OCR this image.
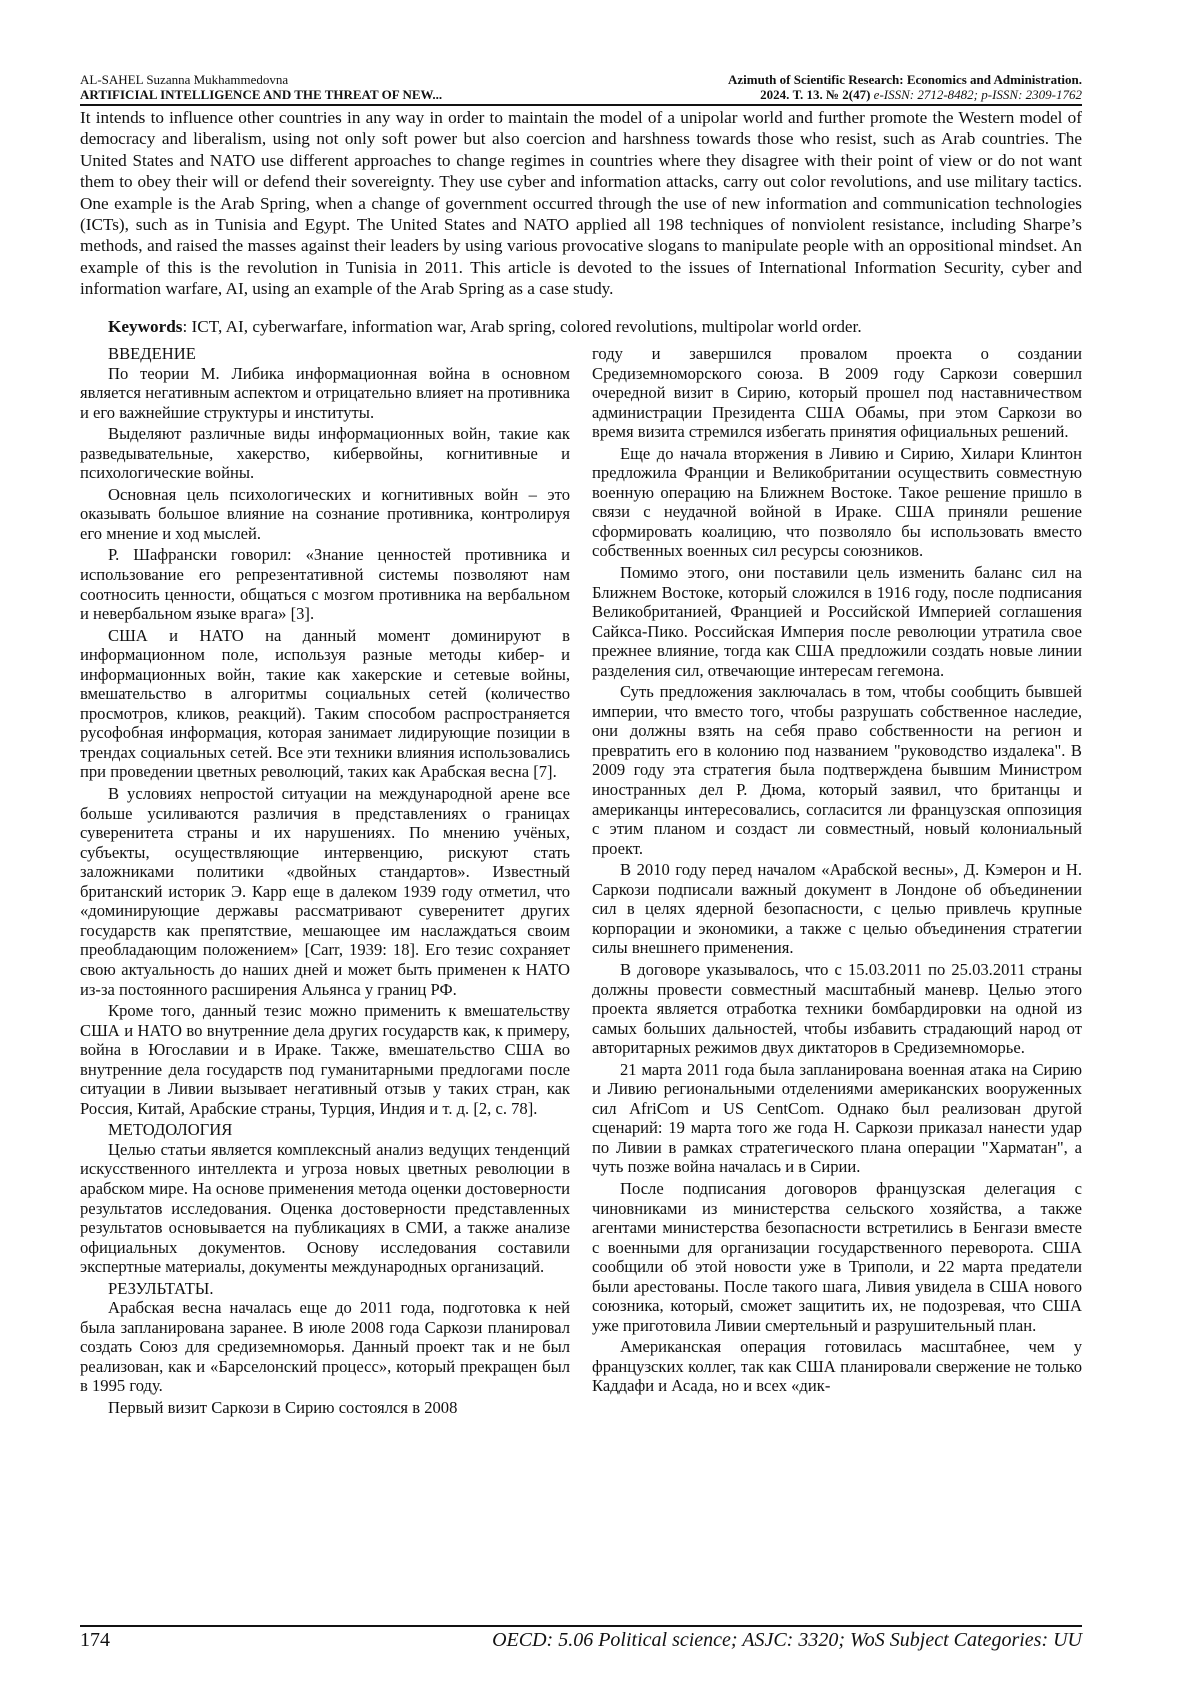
AL-SAHEL Suzanna Mukhammedovna
ARTIFICIAL INTELLIGENCE AND THE THREAT OF NEW...
Azimuth of Scientific Research: Economics and Administration.
2024. Т. 13. № 2(47) e-ISSN: 2712-8482; p-ISSN: 2309-1762

It intends to influence other countries in any way in order to maintain the model of a unipolar world and further promote the Western model of democracy and liberalism, using not only soft power but also coercion and harshness towards those who resist, such as Arab countries. The United States and NATO use different approaches to change regimes in countries where they disagree with their point of view or do not want them to obey their will or defend their sovereignty. They use cyber and information attacks, carry out color revolutions, and use military tactics. One example is the Arab Spring, when a change of government occurred through the use of new information and communication technologies (ICTs), such as in Tunisia and Egypt. The United States and NATO applied all 198 techniques of nonviolent resistance, including Sharpe’s methods, and raised the masses against their leaders by using various provocative slogans to manipulate people with an oppositional mindset. An example of this is the revolution in Tunisia in 2011. This article is devoted to the issues of International Information Security, cyber and information warfare, AI, using an example of the Arab Spring as a case study.

Keywords: ICT, AI, cyberwarfare, information war, Arab spring, colored revolutions, multipolar world order.

ВВЕДЕНИЕ

По теории М. Либика информационная война в основном является негативным аспектом и отрицательно влияет на противника и его важнейшие структуры и институты.

Выделяют различные виды информационных войн, такие как разведывательные, хакерство, кибервойны, когнитивные и психологические войны.

Основная цель психологических и когнитивных войн – это оказывать большое влияние на сознание противника, контролируя его мнение и ход мыслей.

Р. Шафрански говорил: «Знание ценностей противника и использование его репрезентативной системы позволяют нам соотносить ценности, общаться с мозгом противника на вербальном и невербальном языке врага» [3].

США и НАТО на данный момент доминируют в информационном поле, используя разные методы кибер- и информационных войн, такие как хакерские и сетевые войны, вмешательство в алгоритмы социальных сетей (количество просмотров, кликов, реакций). Таким способом распространяется русофобная информация, которая занимает лидирующие позиции в трендах социальных сетей. Все эти техники влияния использовались при проведении цветных революций, таких как Арабская весна [7].

В условиях непростой ситуации на международной арене все больше усиливаются различия в представлениях о границах суверенитета страны и их нарушениях. По мнению учёных, субъекты, осуществляющие интервенцию, рискуют стать заложниками политики «двойных стандартов». Известный британский историк Э. Карр еще в далеком 1939 году отметил, что «доминирующие державы рассматривают суверенитет других государств как препятствие, мешающее им наслаждаться своим преобладающим положением» [Carr, 1939: 18]. Его тезис сохраняет свою актуальность до наших дней и может быть применен к НАТО из-за постоянного расширения Альянса у границ РФ.

Кроме того, данный тезис можно применить к вмешательству США и НАТО во внутренние дела других государств как, к примеру, война в Югославии и в Ираке. Также, вмешательство США во внутренние дела государств под гуманитарными предлогами после ситуации в Ливии вызывает негативный отзыв у таких стран, как Россия, Китай, Арабские страны, Турция, Индия и т. д. [2, с. 78].

МЕТОДОЛОГИЯ

Целью статьи является комплексный анализ ведущих тенденций искусственного интеллекта и угроза новых цветных революции в арабском мире. На основе применения метода оценки достоверности результатов исследования. Оценка достоверности представленных результатов основывается на публикациях в СМИ, а также анализе официальных документов. Основу исследования составили экспертные материалы, документы международных организаций.

РЕЗУЛЬТАТЫ.

Арабская весна началась еще до 2011 года, подготовка к ней была запланирована заранее. В июле 2008 года Саркози планировал создать Союз для средиземноморья. Данный проект так и не был реализован, как и «Барселонский процесс», который прекращен был в 1995 году.

Первый визит Саркози в Сирию состоялся в 2008

году и завершился провалом проекта о создании Средиземноморского союза. В 2009 году Саркози совершил очередной визит в Сирию, который прошел под наставничеством администрации Президента США Обамы, при этом Саркози во время визита стремился избегать принятия официальных решений.

Еще до начала вторжения в Ливию и Сирию, Хилари Клинтон предложила Франции и Великобритании осуществить совместную военную операцию на Ближнем Востоке. Такое решение пришло в связи с неудачной войной в Ираке. США приняли решение сформировать коалицию, что позволяло бы использовать вместо собственных военных сил ресурсы союзников.

Помимо этого, они поставили цель изменить баланс сил на Ближнем Востоке, который сложился в 1916 году, после подписания Великобританией, Францией и Российской Империей соглашения Сайкса-Пико. Российская Империя после революции утратила свое прежнее влияние, тогда как США предложили создать новые линии разделения сил, отвечающие интересам гегемона.

Суть предложения заключалась в том, чтобы сообщить бывшей империи, что вместо того, чтобы разрушать собственное наследие, они должны взять на себя право собственности на регион и превратить его в колонию под названием "руководство издалека". В 2009 году эта стратегия была подтверждена бывшим Министром иностранных дел Р. Дюма, который заявил, что британцы и американцы интересовались, согласится ли французская оппозиция с этим планом и создаст ли совместный, новый колониальный проект.

В 2010 году перед началом «Арабской весны», Д. Кэмерон и Н. Саркози подписали важный документ в Лондоне об объединении сил в целях ядерной безопасности, с целью привлечь крупные корпорации и экономики, а также с целью объединения стратегии силы внешнего применения.

В договоре указывалось, что с 15.03.2011 по 25.03.2011 страны должны провести совместный масштабный маневр. Целью этого проекта является отработка техники бомбардировки на одной из самых больших дальностей, чтобы избавить страдающий народ от авторитарных режимов двух диктаторов в Средиземноморье.

21 марта 2011 года была запланирована военная атака на Сирию и Ливию региональными отделениями американских вооруженных сил AfriCom и US CentCom. Однако был реализован другой сценарий: 19 марта того же года Н. Саркози приказал нанести удар по Ливии в рамках стратегического плана операции "Харматан", а чуть позже война началась и в Сирии.

После подписания договоров французская делегация с чиновниками из министерства сельского хозяйства, а также агентами министерства безопасности встретились в Бенгази вместе с военными для организации государственного переворота. США сообщили об этой новости уже в Триполи, и 22 марта предатели были арестованы. После такого шага, Ливия увидела в США нового союзника, который, сможет защитить их, не подозревая, что США уже приготовила Ливии смертельный и разрушительный план.

Американская операция готовилась масштабнее, чем у французских коллег, так как США планировали свержение не только Каддафи и Асада, но и всех «дик-

174	OECD: 5.06 Political science; ASJC: 3320; WoS Subject Categories: UU
